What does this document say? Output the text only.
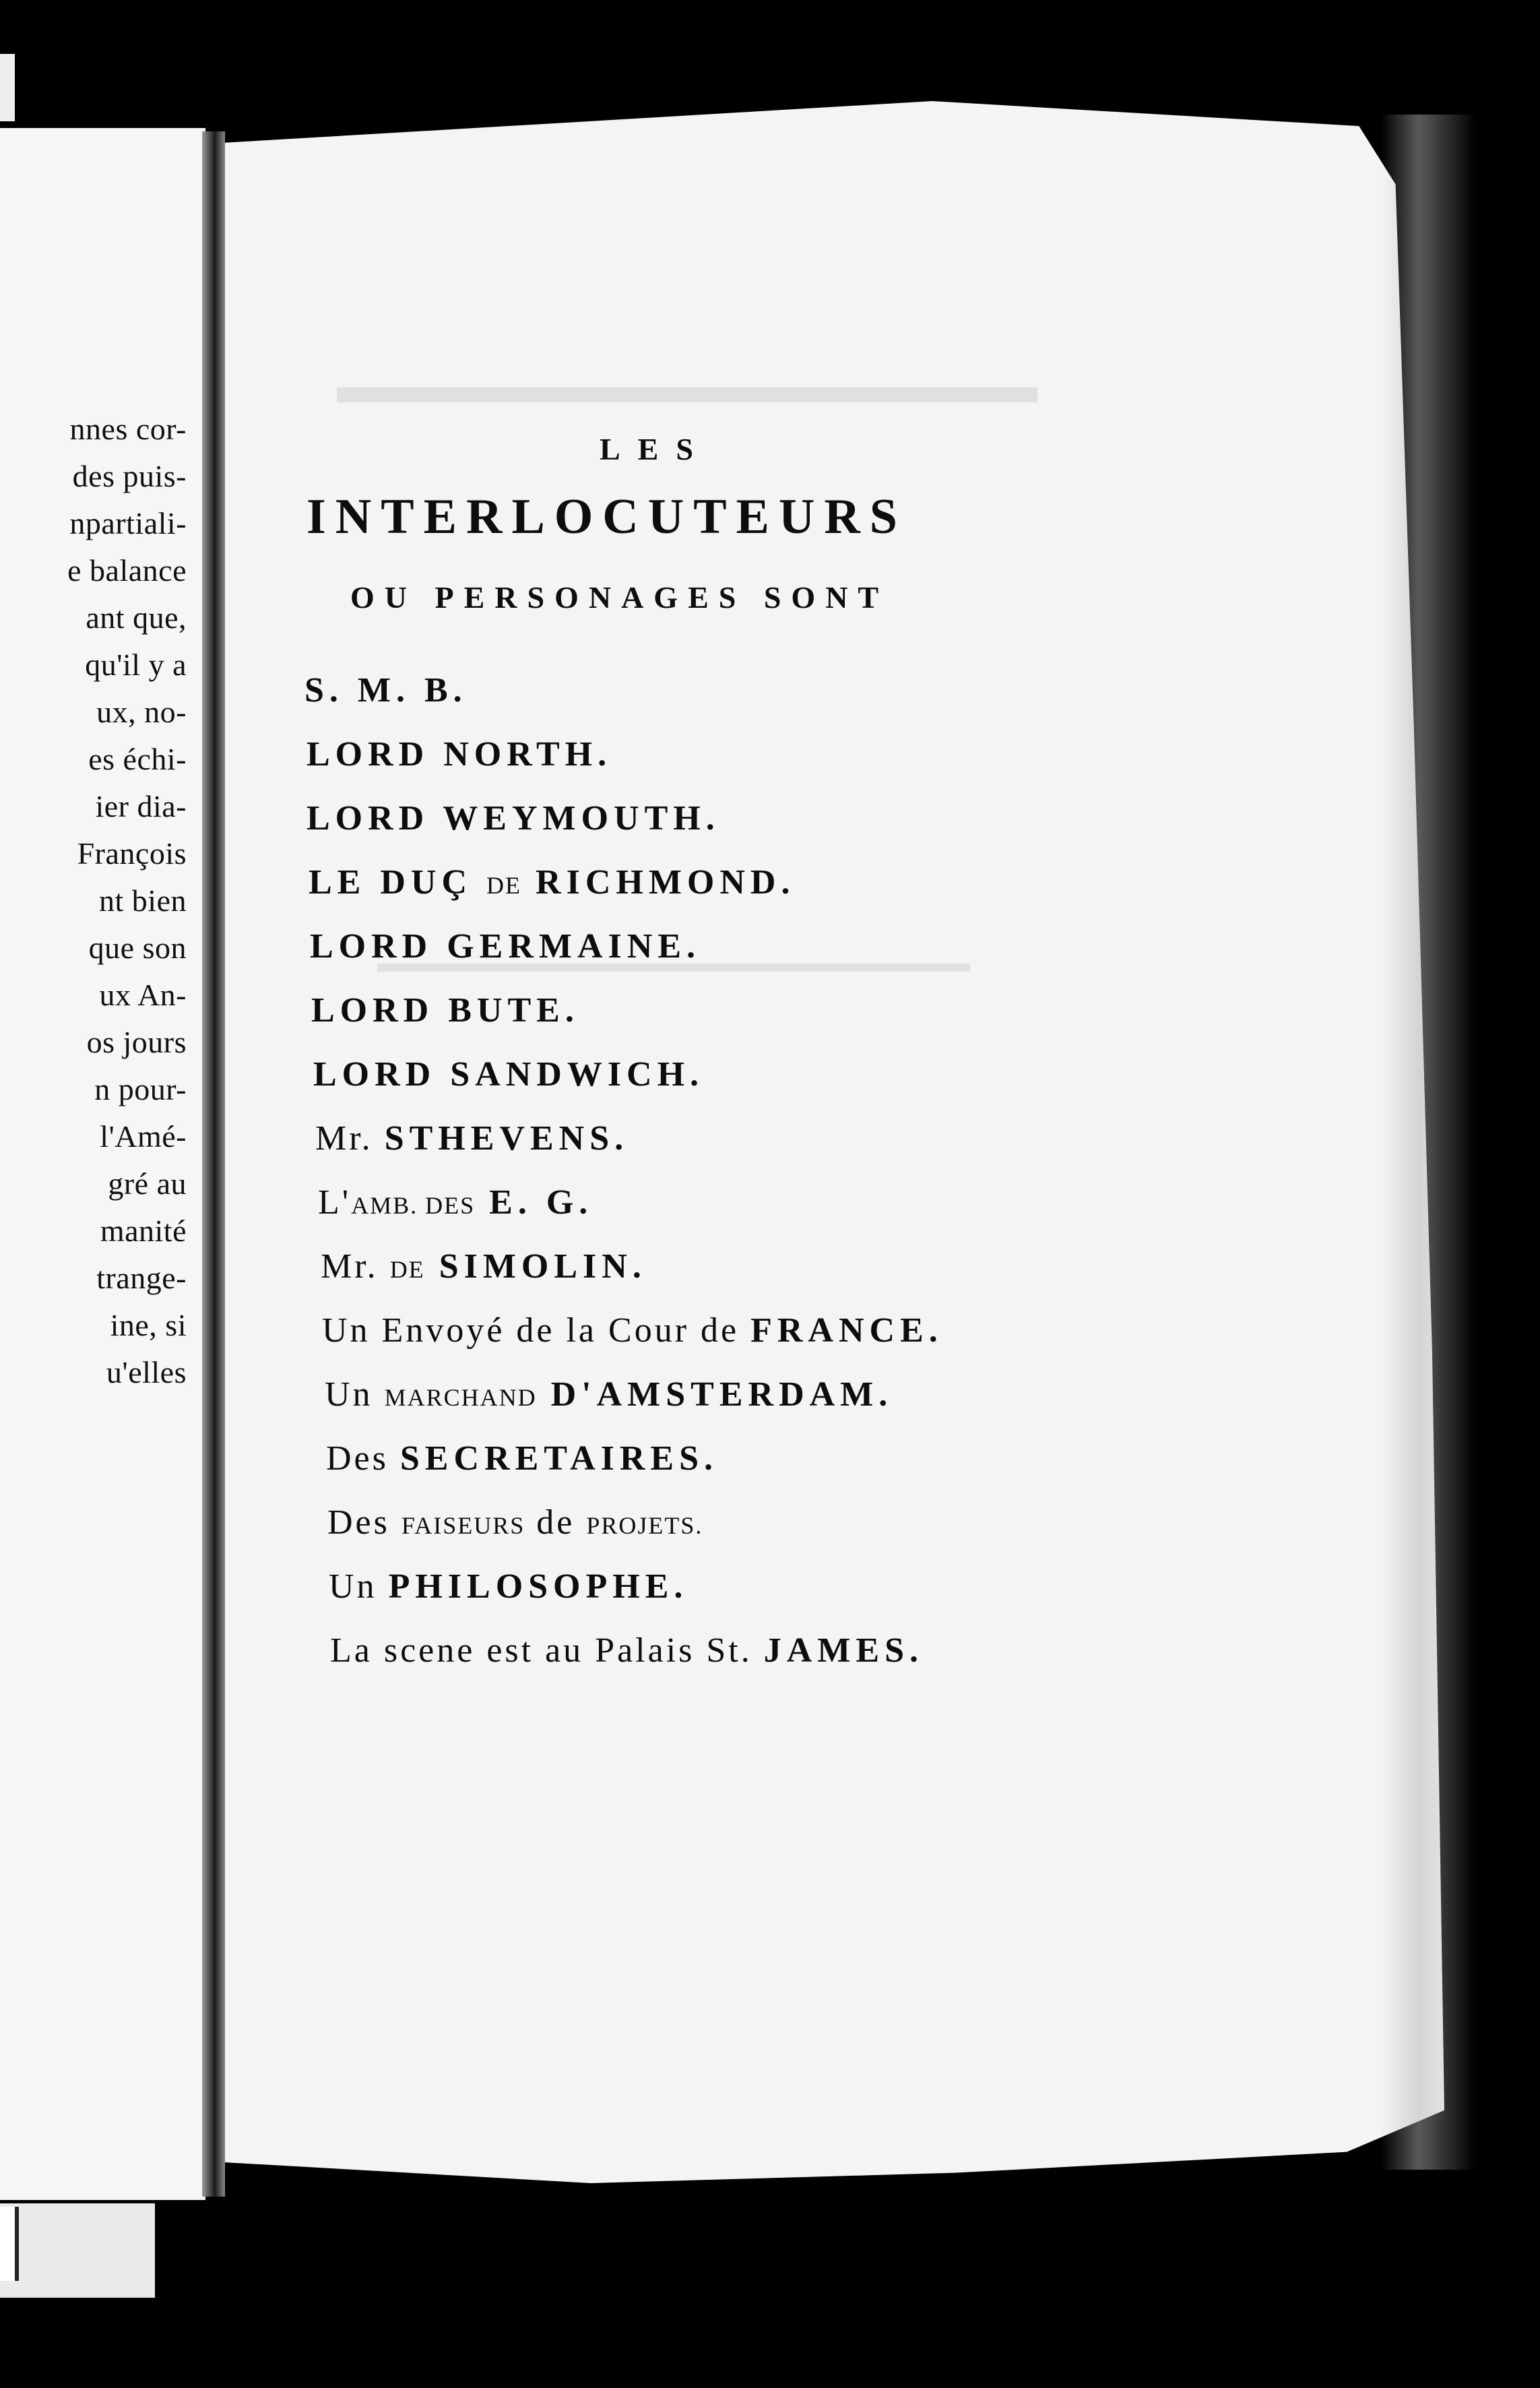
nnes cor-
des puis-
npartiali-
e balance
ant que,
qu'il y a
ux, no-
es échi-
ier dia-
François
nt bien
que son
ux An-
os jours
n pour-
l'Amé-
gré au
manité
trange-
ine, si
u'elles
LES
INTERLOCUTEURS
OU PERSONAGES SONT
S. M. B.
LORD NORTH.
LORD WEYMOUTH.
LE DUÇ DE RICHMOND.
LORD GERMAINE.
LORD BUTE.
LORD SANDWICH.
Mr. STHEVENS.
L'AMB. DES E. G.
Mr. DE SIMOLIN.
Un Envoyé de la Cour de FRANCE.
Un MARCHAND D'AMSTERDAM.
Des SECRETAIRES.
Des FAISEURS de PROJETS.
Un PHILOSOPHE.
La scene est au Palais St. JAMES.
